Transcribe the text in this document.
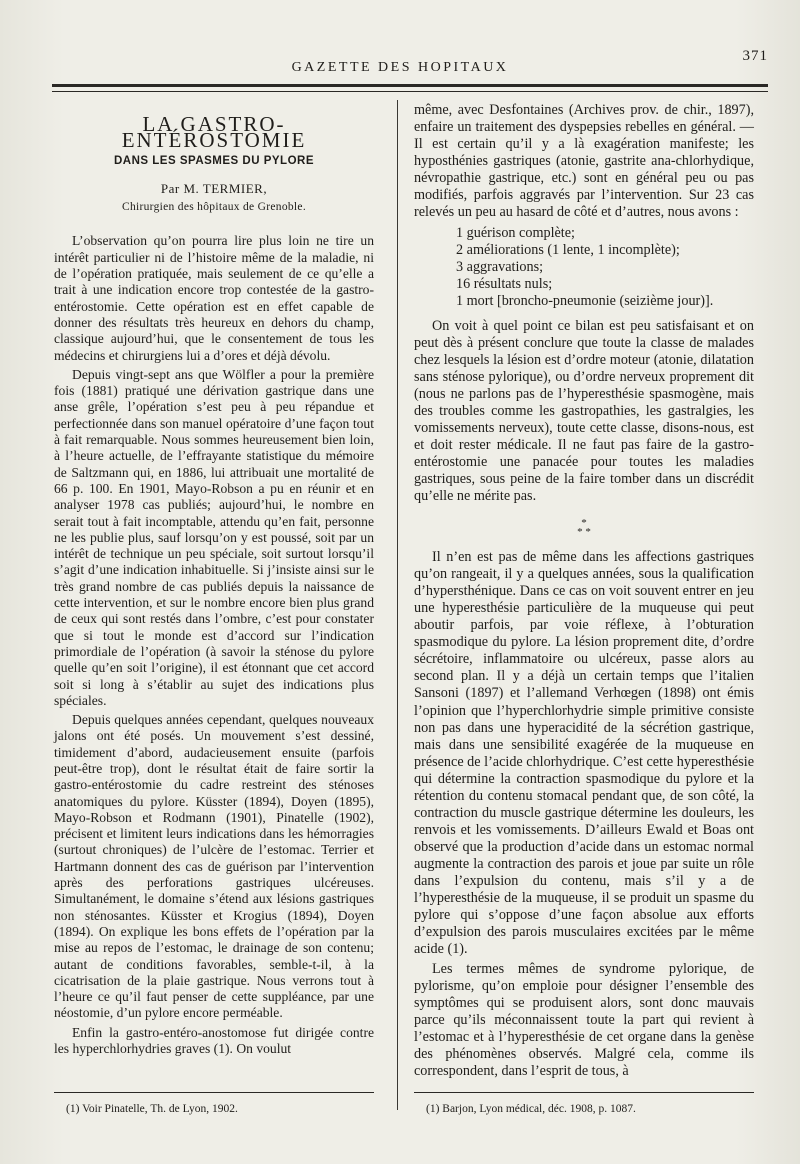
371
GAZETTE DES HOPITAUX
LA GASTRO-ENTÉROSTOMIE
DANS LES SPASMES DU PYLORE
Par M. TERMIER,
Chirurgien des hôpitaux de Grenoble.

L’observation qu’on pourra lire plus loin ne tire un intérêt particulier ni de l’histoire même de la maladie, ni de l’opération pratiquée, mais seulement de ce qu’elle a trait à une indication encore trop contestée de la gastro-entérostomie. Cette opération est en effet capable de donner des résultats très heureux en dehors du champ, classique aujourd’hui, que le consentement de tous les médecins et chirurgiens lui a d’ores et déjà dévolu.

Depuis vingt-sept ans que Wölfler a pour la première fois (1881) pratiqué une dérivation gastrique dans une anse grêle, l’opération s’est peu à peu répandue et perfectionnée dans son manuel opératoire d’une façon tout à fait remarquable. Nous sommes heureusement bien loin, à l’heure actuelle, de l’effrayante statistique du mémoire de Saltzmann qui, en 1886, lui attribuait une mortalité de 66 p. 100. En 1901, Mayo-Robson a pu en réunir et en analyser 1978 cas publiés; aujourd’hui, le nombre en serait tout à fait incomptable, attendu qu’en fait, personne ne les publie plus, sauf lorsqu’on y est poussé, soit par un intérêt de technique un peu spéciale, soit surtout lorsqu’il s’agit d’une indication inhabituelle. Si j’insiste ainsi sur le très grand nombre de cas publiés depuis la naissance de cette intervention, et sur le nombre encore bien plus grand de ceux qui sont restés dans l’ombre, c’est pour constater que si tout le monde est d’accord sur l’indication primordiale de l’opération (à savoir la sténose du pylore quelle qu’en soit l’origine), il est étonnant que cet accord soit si long à s’établir au sujet des indications plus spéciales.

Depuis quelques années cependant, quelques nouveaux jalons ont été posés. Un mouvement s’est dessiné, timidement d’abord, audacieusement ensuite (parfois peut-être trop), dont le résultat était de faire sortir la gastro-entérostomie du cadre restreint des sténoses anatomiques du pylore. Küsster (1894), Doyen (1895), Mayo-Robson et Rodmann (1901), Pinatelle (1902), précisent et limitent leurs indications dans les hémorragies (surtout chroniques) de l’ulcère de l’estomac. Terrier et Hartmann donnent des cas de guérison par l’intervention après des perforations gastriques ulcéreuses. Simultanément, le domaine s’étend aux lésions gastriques non sténosantes. Küsster et Krogius (1894), Doyen (1894). On explique les bons effets de l’opération par la mise au repos de l’estomac, le drainage de son contenu; autant de conditions favorables, semble-t-il, à la cicatrisation de la plaie gastrique. Nous verrons tout à l’heure ce qu’il faut penser de cette suppléance, par une néostomie, d’un pylore encore perméable.

Enfin la gastro-entéro-anostomose fut dirigée contre les hyperchlorhydries graves (1). On voulut

même, avec Desfontaines (Archives prov. de chir., 1897), enfaire un traitement des dyspepsies rebelles en général. — Il est certain qu’il y a là exagération manifeste; les hyposthénies gastriques (atonie, gastrite ana-chlorhydique, névropathie gastrique, etc.) sont en général peu ou pas modifiés, parfois aggravés par l’intervention. Sur 23 cas relevés un peu au hasard de côté et d’autres, nous avons :

1 guérison complète;
2 améliorations (1 lente, 1 incomplète);
3 aggravations;
16 résultats nuls;
1 mort [broncho-pneumonie (seizième jour)].

On voit à quel point ce bilan est peu satisfaisant et on peut dès à présent conclure que toute la classe de malades chez lesquels la lésion est d’ordre moteur (atonie, dilatation sans sténose pylorique), ou d’ordre nerveux proprement dit (nous ne parlons pas de l’hyperesthésie spasmogène, mais des troubles comme les gastropathies, les gastralgies, les vomissements nerveux), toute cette classe, disons-nous, est et doit rester médicale. Il ne faut pas faire de la gastro-entérostomie une panacée pour toutes les maladies gastriques, sous peine de la faire tomber dans un discrédit qu’elle ne mérite pas.

*
* *

Il n’en est pas de même dans les affections gastriques qu’on rangeait, il y a quelques années, sous la qualification d’hypersthénique. Dans ce cas on voit souvent entrer en jeu une hyperesthésie particulière de la muqueuse qui peut aboutir parfois, par voie réflexe, à l’obturation spasmodique du pylore. La lésion proprement dite, d’ordre sécrétoire, inflammatoire ou ulcéreux, passe alors au second plan. Il y a déjà un certain temps que l’italien Sansoni (1897) et l’allemand Verhœgen (1898) ont émis l’opinion que l’hyperchlorhydrie simple primitive consiste non pas dans une hyperacidité de la sécrétion gastrique, mais dans une sensibilité exagérée de la muqueuse en présence de l’acide chlorhydrique. C’est cette hyperesthésie qui détermine la contraction spasmodique du pylore et la rétention du contenu stomacal pendant que, de son côté, la contraction du muscle gastrique détermine les douleurs, les renvois et les vomissements. D’ailleurs Ewald et Boas ont observé que la production d’acide dans un estomac normal augmente la contraction des parois et joue par suite un rôle dans l’expulsion du contenu, mais s’il y a de l’hyperesthésie de la muqueuse, il se produit un spasme du pylore qui s’oppose d’une façon absolue aux efforts d’expulsion des parois musculaires excitées par le même acide (1).

Les termes mêmes de syndrome pylorique, de pylorisme, qu’on emploie pour désigner l’ensemble des symptômes qui se produisent alors, sont donc mauvais parce qu’ils méconnaissent toute la part qui revient à l’estomac et à l’hyperesthésie de cet organe dans la genèse des phénomènes observés. Malgré cela, comme ils correspondent, dans l’esprit de tous, à

(1) Voir Pinatelle, Th. de Lyon, 1902.	(1) Barjon, Lyon médical, déc. 1908, p. 1087.
